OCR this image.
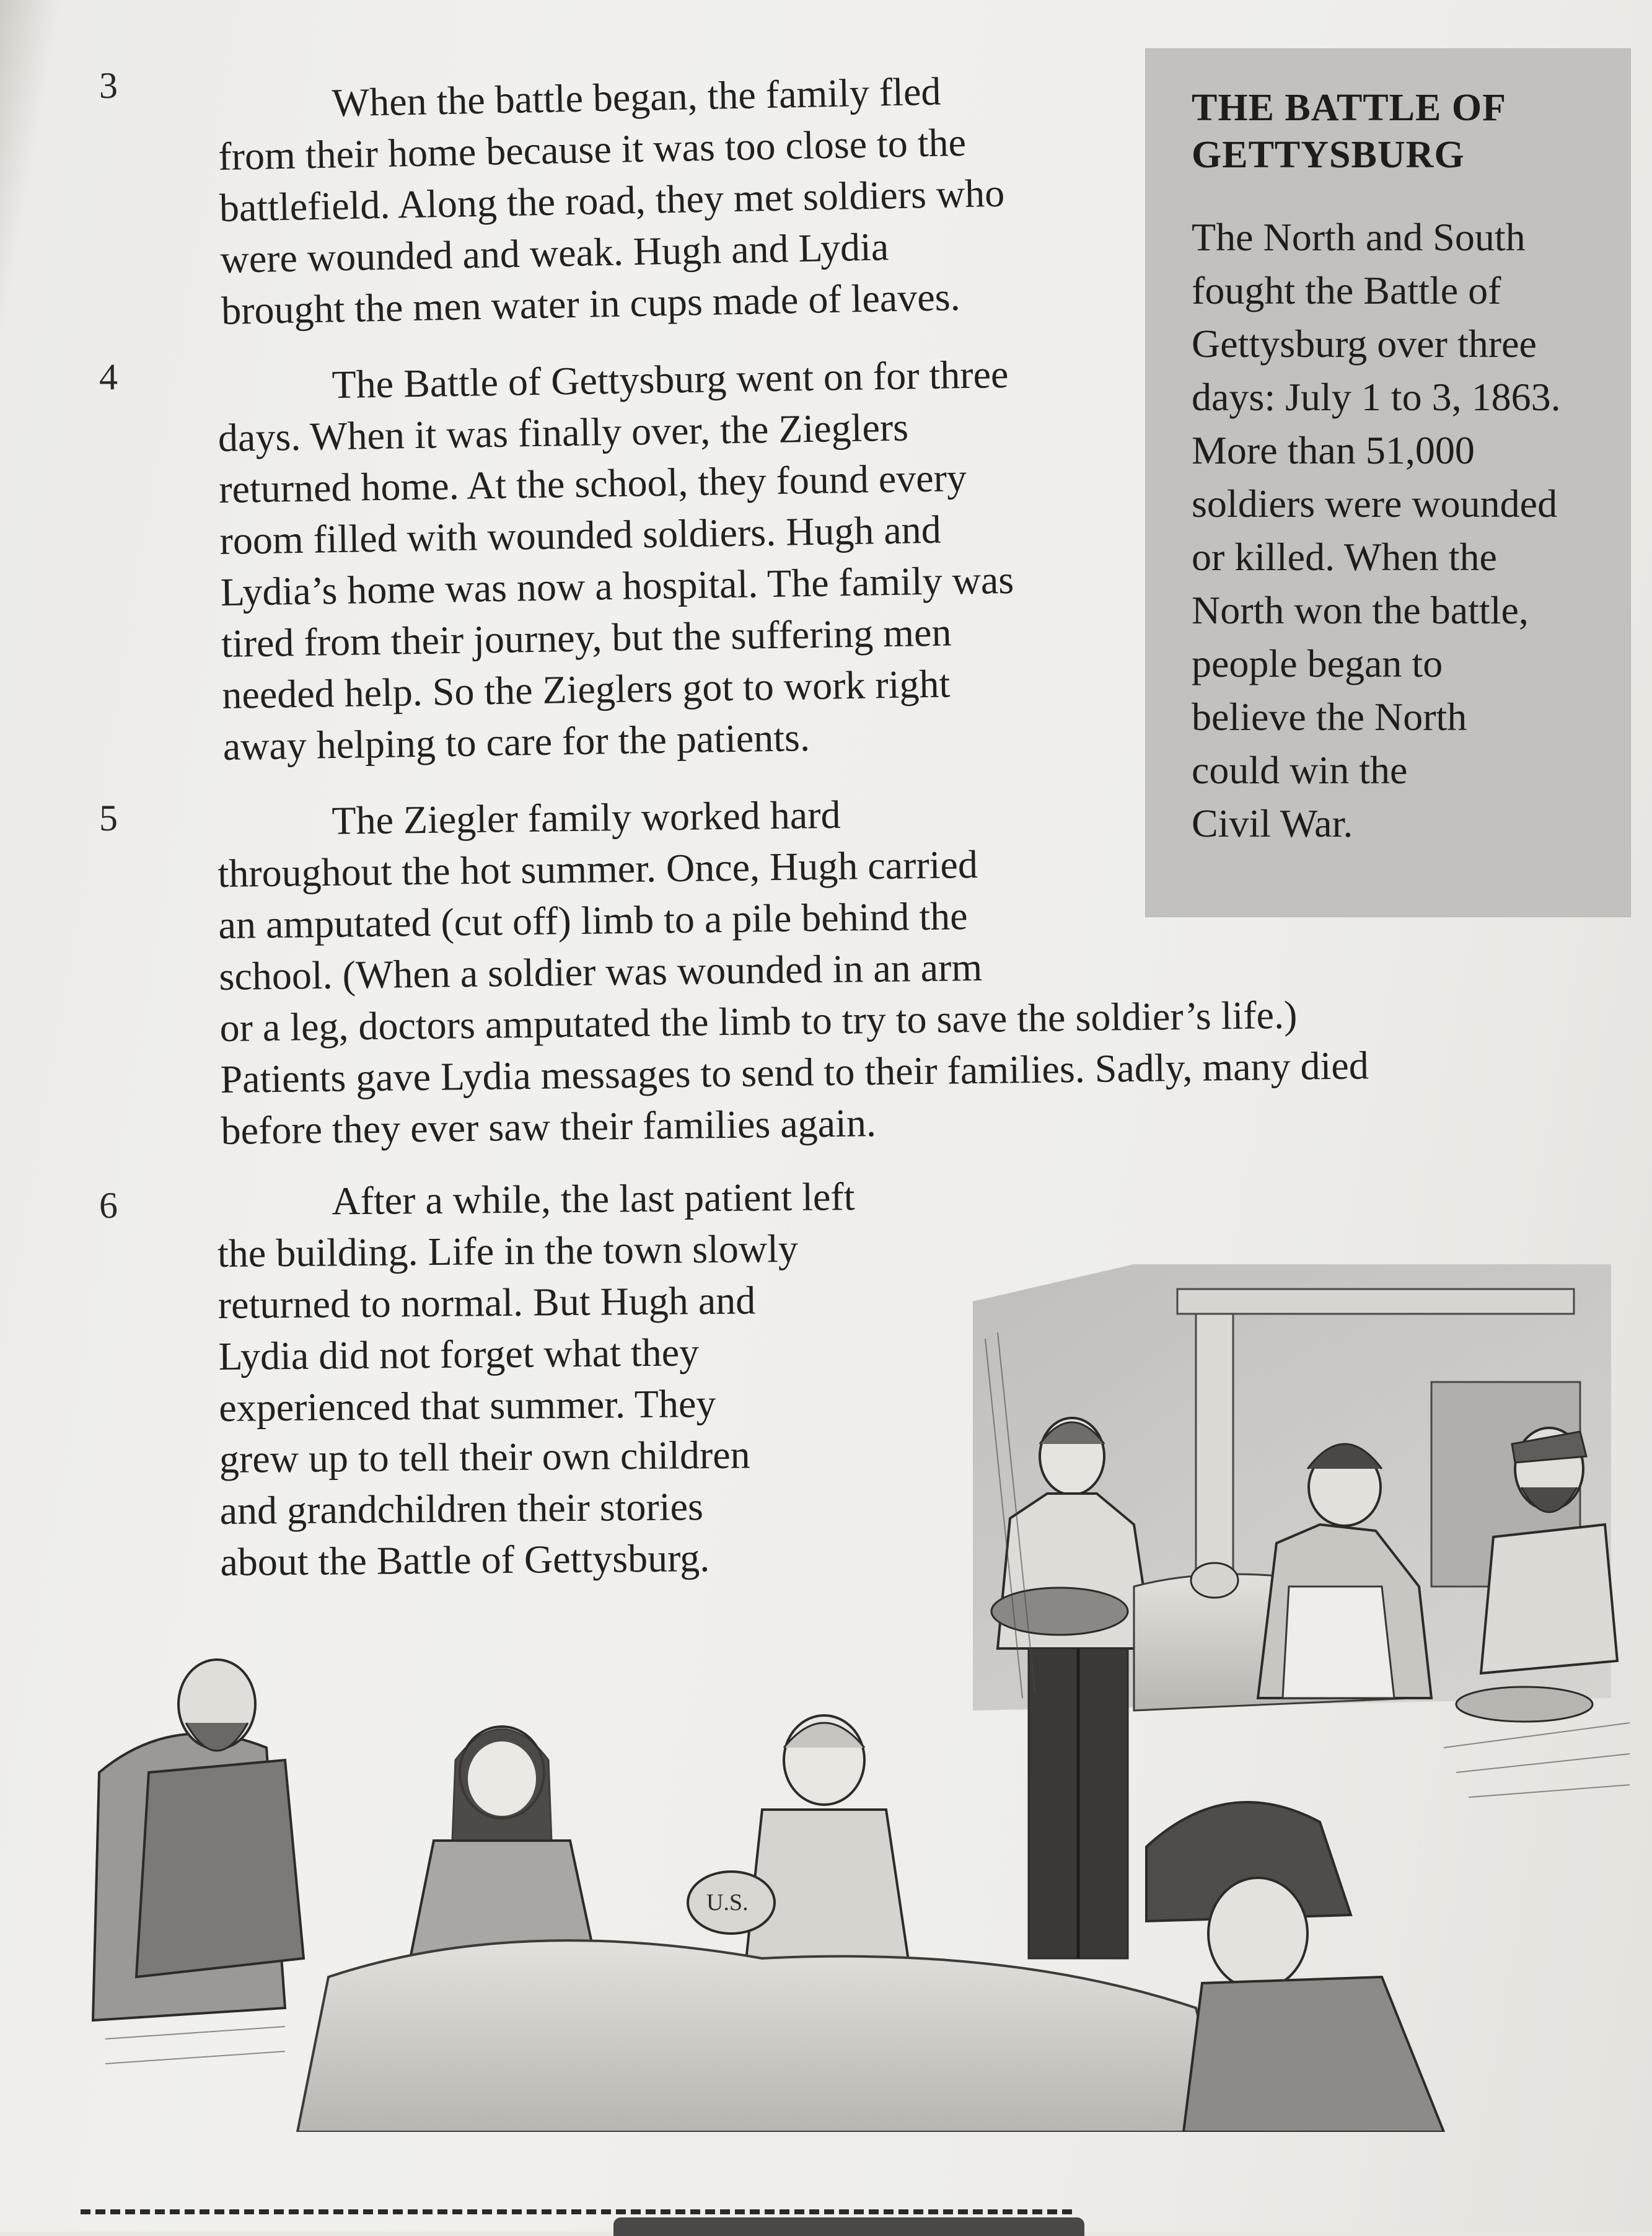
3	When the battle began, the family fled
from their home because it was too close to the
battlefield. Along the road, they met soldiers who
were wounded and weak. Hugh and Lydia
brought the men water in cups made of leaves.
4	The Battle of Gettysburg went on for three
days. When it was finally over, the Zieglers
returned home. At the school, they found every
room filled with wounded soldiers. Hugh and
Lydia’s home was now a hospital. The family was
tired from their journey, but the suffering men
needed help. So the Zieglers got to work right
away helping to care for the patients.
5	The Ziegler family worked hard
throughout the hot summer. Once, Hugh carried
an amputated (cut off) limb to a pile behind the
school. (When a soldier was wounded in an arm
or a leg, doctors amputated the limb to try to save the soldier’s life.)
Patients gave Lydia messages to send to their families. Sadly, many died
before they ever saw their families again.
6	After a while, the last patient left
the building. Life in the town slowly
returned to normal. But Hugh and
Lydia did not forget what they
experienced that summer. They
grew up to tell their own children
and grandchildren their stories
about the Battle of Gettysburg.
THE BATTLE OF
GETTYSBURG
The North and South
fought the Battle of
Gettysburg over three
days: July 1 to 3, 1863.
More than 51,000
soldiers were wounded
or killed. When the
North won the battle,
people began to
believe the North
could win the
Civil War.
U.S.
